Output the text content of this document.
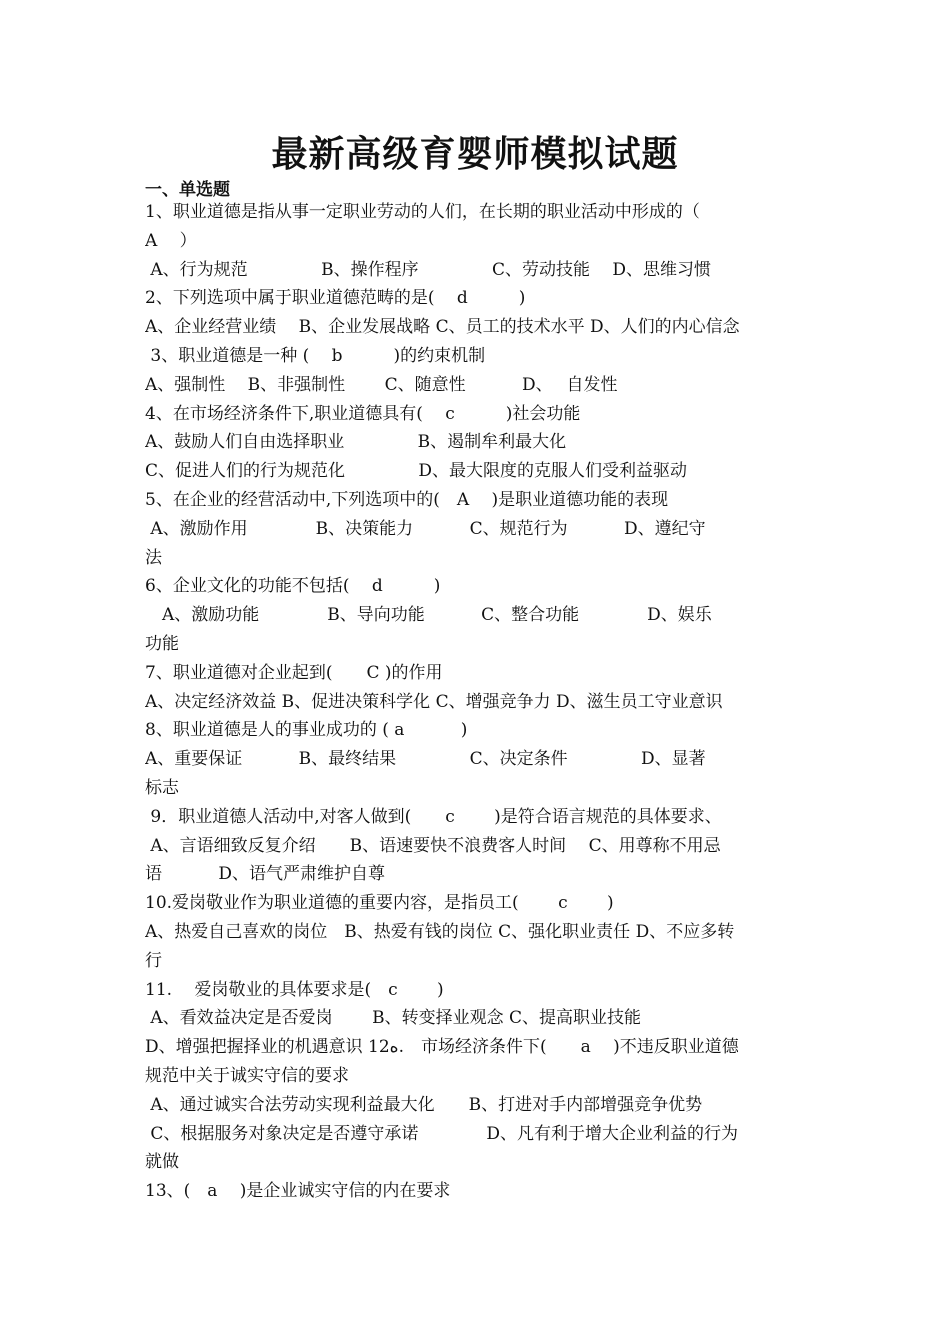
最新高级育婴师模拟试题
一、单选题
1、职业道德是指从事一定职业劳动的人们，在长期的职业活动中形成的（
A　 ）
A、行为规范　　　　 B、操作程序　　　　 C、劳动技能　 D、思维习惯
2、下列选项中属于职业道德范畴的是(　 d　　　)
A、企业经营业绩　 B、企业发展战略 C、员工的技术水平 D、人们的内心信念
3、职业道德是一种 (　 b　　　)的约束机制
A、强制性　 B、非强制性　　 C、随意性　　　 D、　 自发性
4、在市场经济条件下,职业道德具有(　 c　　　)社会功能
A、鼓励人们自由选择职业　　　　 B、遏制牟利最大化
C、促进人们的行为规范化　　　　 D、最大限度的克服人们受利益驱动
5、在企业的经营活动中,下列选项中的(　A　 )是职业道德功能的表现
A、激励作用　　　　B、决策能力　　　 C、规范行为　　　 D、遵纪守
法
6、企业文化的功能不包括(　 d　　　)
　A、激励功能　　　　B、导向功能　　　 C、整合功能　　　　D、娱乐
功能
7、职业道德对企业起到(　　C )的作用
A、决定经济效益 B、促进决策科学化 C、增强竞争力 D、滋生员工守业意识
8、职业道德是人的事业成功的 ( a　　　 )
A、重要保证　　　 B、最终结果　　　　 C、决定条件　　　　 D、显著
标志
9．职业道德人活动中,对客人做到(　　c　　 )是符合语言规范的具体要求、
A、言语细致反复介绍　　B、语速要快不浪费客人时间　 C、用尊称不用忌
语　　　 D、语气严肃维护自尊
10.爱岗敬业作为职业道德的重要内容，是指员工(　　 c　　 )
A、热爱自己喜欢的岗位　B、热爱有钱的岗位 C、强化职业责任 D、不应多转
行
11.　 爱岗敬业的具体要求是(　c　　 )
A、看效益决定是否爱岗　　 B、转变择业观念 C、提高职业技能
D、增强把握择业的机遇意识 12ه.　市场经济条件下(　　a　 )不违反职业道德
规范中关于诚实守信的要求
A、通过诚实合法劳动实现利益最大化　　B、打进对手内部增强竞争优势
C、根据服务对象决定是否遵守承诺　　　　D、凡有利于增大企业利益的行为
就做
13、(　a　 )是企业诚实守信的内在要求
